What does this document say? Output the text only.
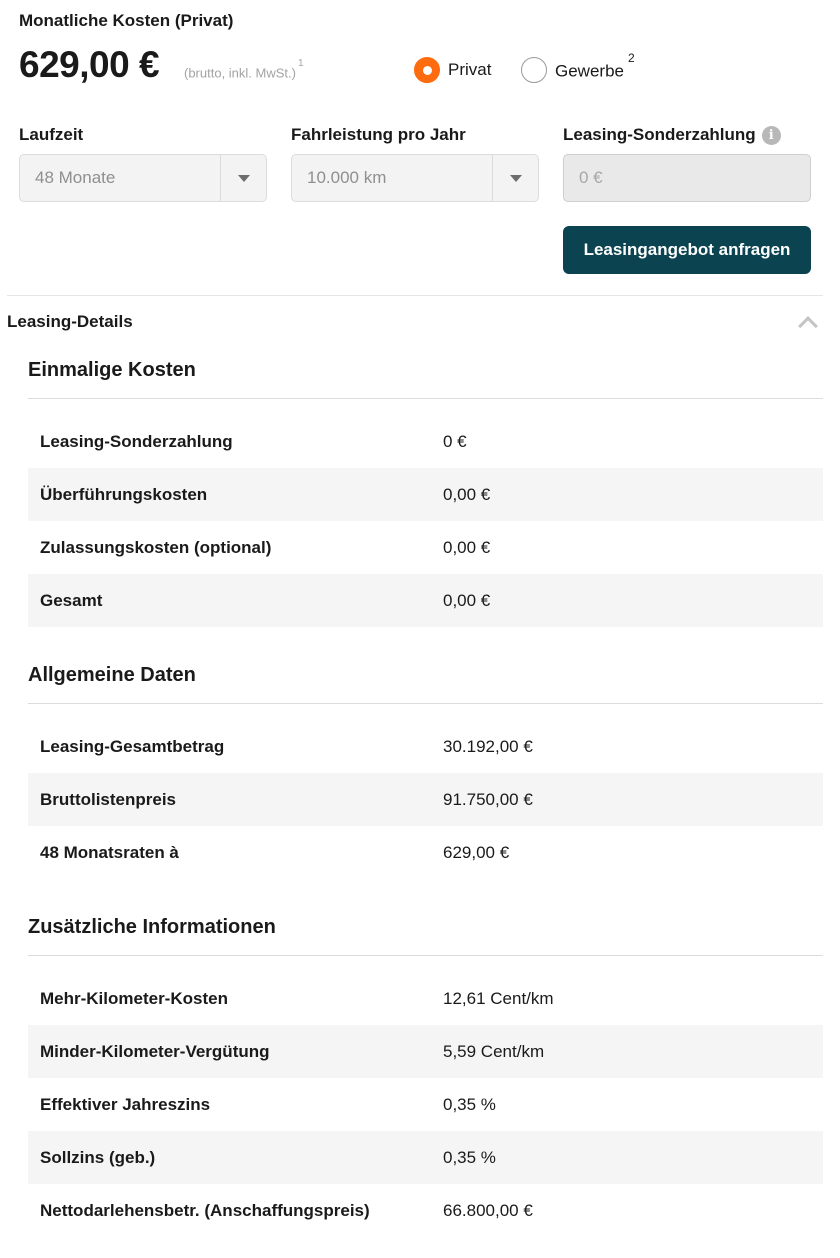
Monatliche Kosten (Privat)
629,00 € (brutto, inkl. MwSt.)$^1$	Privat	Gewerbe$^2$
Laufzeit	Fahrleistung pro Jahr	Leasing-Sonderzahlung	i
48 Monate	10.000 km	0 €
Leasingangebot anfragen
Leasing-Details
Einmalige Kosten
Leasing-Sonderzahlung	0 €
Überführungskosten	0,00 €
Zulassungskosten (optional)	0,00 €
Gesamt	0,00 €
Allgemeine Daten
Leasing-Gesamtbetrag	30.192,00 €
Bruttolistenpreis	91.750,00 €
48 Monatsraten à	629,00 €
Zusätzliche Informationen
Mehr-Kilometer-Kosten	12,61 Cent/km
Minder-Kilometer-Vergütung	5,59 Cent/km
Effektiver Jahreszins	0,35 %
Sollzins (geb.)	0,35 %
Nettodarlehensbetr. (Anschaffungspreis)	66.800,00 €
